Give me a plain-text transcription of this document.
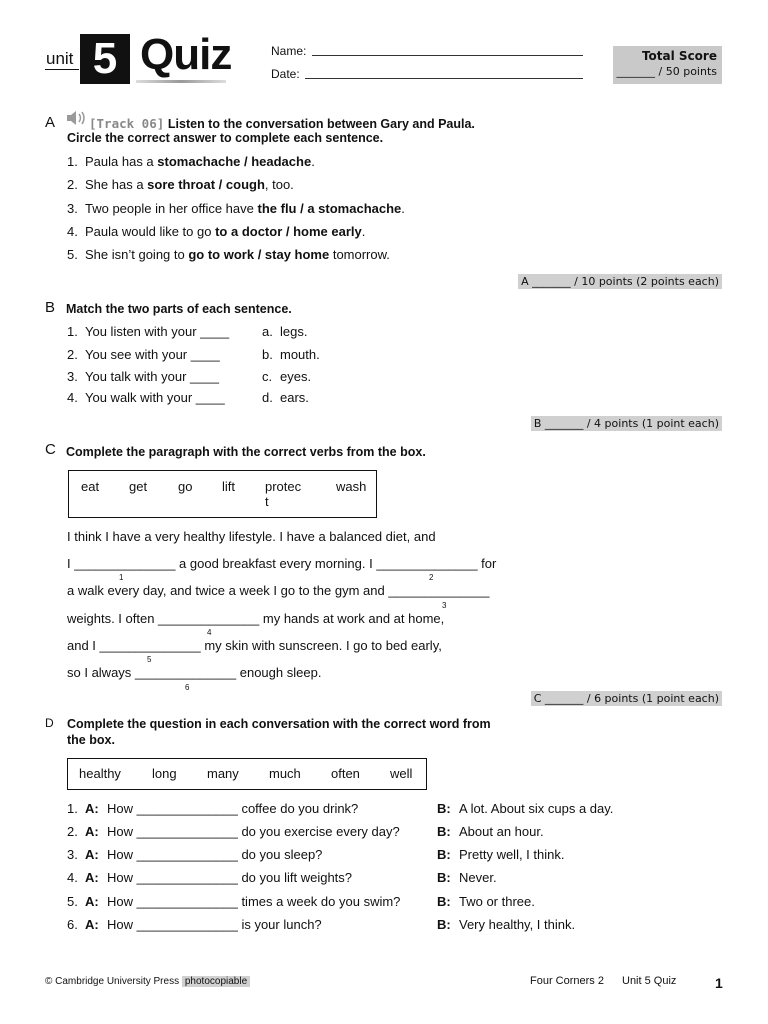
unit 5 Quiz	Name:
Date:
Total Score
_______ / 50 points
A	[Track 06] Listen to the conversation between Gary and Paula.
Circle the correct answer to complete each sentence.
1. Paula has a stomachache / headache.
2. She has a sore throat / cough, too.
3. Two people in her office have the flu / a stomachache.
4. Paula would like to go to a doctor / home early.
5. She isn’t going to go to work / stay home tomorrow.
A _______ / 10 points (2 points each)
B Match the two parts of each sentence.
1. You listen with your ____	a. legs.
2. You see with your ____	b. mouth.
3. You talk with your ____	c. eyes.
4. You walk with your ____	d. ears.
B _______ / 4 points (1 point each)
C Complete the paragraph with the correct verbs from the box.
eat get go lift protec
t
wash
I think I have a very healthy lifestyle. I have a balanced diet, and
I ______________ a good breakfast every morning. I ______________ for
a walk every day, and twice a week I go to the gym and ______________
weights. I often ______________ my hands at work and at home,
and I ______________ my skin with sunscreen. I go to bed early,
so I always ______________ enough sleep.
1	2
3
4
5
6
C _______ / 6 points (1 point each)
D Complete the question in each conversation with the correct word from
the box.
healthy long many much often well
1. A: How ______________ coffee do you drink?	B: A lot. About six cups a day.
2. A: How ______________ do you exercise every day?	B: About an hour.
3. A: How ______________ do you sleep?	B: Pretty well, I think.
4. A: How ______________ do you lift weights?	B: Never.
5. A: How ______________ times a week do you swim?	B: Two or three.
6. A: How ______________ is your lunch?	B: Very healthy, I think.
© Cambridge University Press photocopiable	Four Corners 2 Unit 5 Quiz	1
